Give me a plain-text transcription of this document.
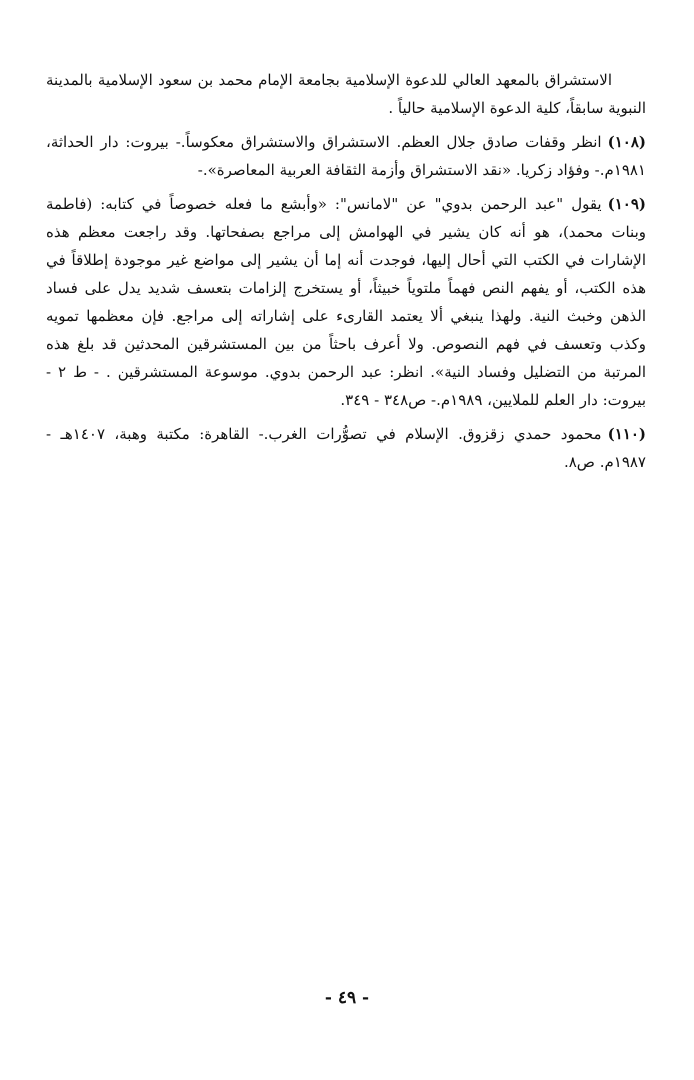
الاستشراق بالمعهد العالي للدعوة الإسلامية بجامعة الإمام محمد بن سعود الإسلامية بالمدينة النبوية سابقاً، كلية الدعوة الإسلامية حالياً .
(١٠٨)انظر وقفات صادق جلال العظم. الاستشراق والاستشراق معكوساً.- بيروت: دار الحداثة، ١٩٨١م.- وفؤاد زكريا. «نقد الاستشراق وأزمة الثقافة العربية المعاصرة».-
(١٠٩)يقول "عبد الرحمن بدوي" عن "لامانس": «وأبشع ما فعله خصوصاً في كتابه: (فاطمة وبنات محمد)، هو أنه كان يشير في الهوامش إلى مراجع بصفحاتها. وقد راجعت معظم هذه الإشارات في الكتب التي أحال إليها، فوجدت أنه إما أن يشير إلى مواضع غير موجودة إطلاقاً في هذه الكتب، أو يفهم النص فهماً ملتوياً خبيثاً، أو يستخرج إلزامات بتعسف شديد يدل على فساد الذهن وخبث النية. ولهذا ينبغي ألا يعتمد القارىء على إشاراته إلى مراجع. فإن معظمها تمويه وكذب وتعسف في فهم النصوص. ولا أعرف باحثاً من بين المستشرقين المحدثين قد بلغ هذه المرتبة من التضليل وفساد النية». انظر: عبد الرحمن بدوي. موسوعة المستشرقين . - ط ٢ - بيروت: دار العلم للملايين، ١٩٨٩م.- ص٣٤٨ - ٣٤٩.
(١١٠)محمود حمدي زقزوق. الإسلام في تصوُّرات الغرب.- القاهرة: مكتبة وهبة، ١٤٠٧هـ - ١٩٨٧م. ص٨.
- ٤٩ -
